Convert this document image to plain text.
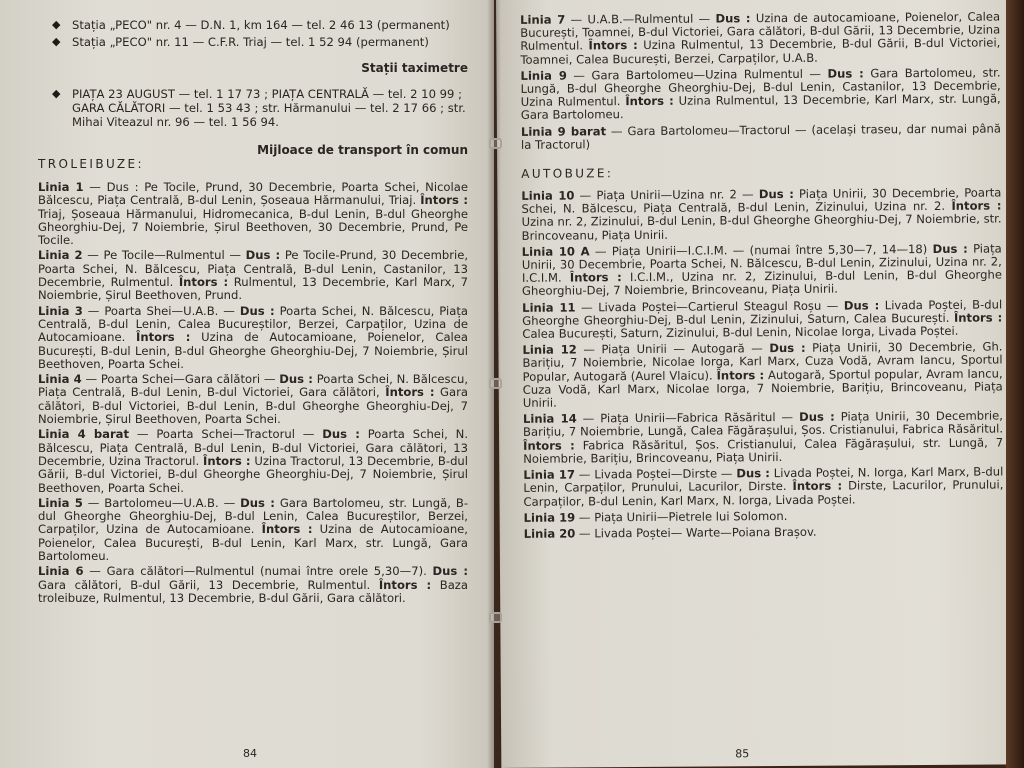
◆ Stația „PECO" nr. 4 — D.N. 1, km 164 — tel. 2 46 13 (permanent)

◆ Stația „PECO" nr. 11 — C.F.R. Triaj — tel. 1 52 94 (permanent)

Stații taximetre

◆ PIAȚA 23 AUGUST — tel. 1 17 73 ; PIAȚA CENTRALĂ — tel. 2 10 99 ; GARA CĂLĂTORI — tel. 1 53 43 ; str. Hărmanului — tel. 2 17 66 ; str. Mihai Viteazul nr. 96 — tel. 1 56 94.

Mijloace de transport în comun

TROLEIBUZE:

Linia 1 — Dus : Pe Tocile, Prund, 30 Decembrie, Poarta Schei, Nicolae Bălcescu, Piața Centrală, B-dul Lenin, Șoseaua Hărmanului, Triaj. Întors : Triaj, Șoseaua Hărmanului, Hidromecanica, B-dul Lenin, B-dul Gheorghe Gheorghiu-Dej, 7 Noiembrie, Șirul Beethoven, 30 Decembrie, Prund, Pe Tocile.

Linia 2 — Pe Tocile—Rulmentul — Dus : Pe Tocile-Prund, 30 Decembrie, Poarta Schei, N. Bălcescu, Piața Centrală, B-dul Lenin, Castanilor, 13 Decembrie, Rulmentul. Întors : Rulmentul, 13 Decembrie, Karl Marx, 7 Noiembrie, Șirul Beethoven, Prund.

Linia 3 — Poarta Shei—U.A.B. — Dus : Poarta Schei, N. Bălcescu, Piața Centrală, B-dul Lenin, Calea Bucureștilor, Berzei, Carpaților, Uzina de Autocamioane. Întors : Uzina de Autocamioane, Poienelor, Calea București, B-dul Lenin, B-dul Gheorghe Gheorghiu-Dej, 7 Noiembrie, Șirul Beethoven, Poarta Schei.

Linia 4 — Poarta Schei—Gara călători — Dus : Poarta Schei, N. Bălcescu, Piața Centrală, B-dul Lenin, B-dul Victoriei, Gara călători, Întors : Gara călători, B-dul Victoriei, B-dul Lenin, B-dul Gheorghe Gheorghiu-Dej, 7 Noiembrie, Șirul Beethoven, Poarta Schei.

Linia 4 barat — Poarta Schei—Tractorul — Dus : Poarta Schei, N. Bălcescu, Piața Centrală, B-dul Lenin, B-dul Victoriei, Gara călători, 13 Decembrie, Uzina Tractorul. Întors : Uzina Tractorul, 13 Decembrie, B-dul Gării, B-dul Victoriei, B-dul Gheorghe Gheorghiu-Dej, 7 Noiembrie, Șirul Beethoven, Poarta Schei.

Linia 5 — Bartolomeu—U.A.B. — Dus : Gara Bartolomeu, str. Lungă, B-dul Gheorghe Gheorghiu-Dej, B-dul Lenin, Calea Bucureștilor, Berzei, Carpaților, Uzina de Autocamioane. Întors : Uzina de Autocamioane, Poienelor, Calea București, B-dul Lenin, Karl Marx, str. Lungă, Gara Bartolomeu.

Linia 6 — Gara călători—Rulmentul (numai între orele 5,30—7). Dus : Gara călători, B-dul Gării, 13 Decembrie, Rulmentul. Întors : Baza troleibuze, Rulmentul, 13 Decembrie, B-dul Gării, Gara călători.

84

Linia 7 — U.A.B.—Rulmentul — Dus : Uzina de autocamioane, Poienelor, Calea București, Toamnei, B-dul Victoriei, Gara călători, B-dul Gării, 13 Decembrie, Uzina Rulmentul. Întors : Uzina Rulmentul, 13 Decembrie, B-dul Gării, B-dul Victoriei, Toamnei, Calea București, Berzei, Carpaților, U.A.B.

Linia 9 — Gara Bartolomeu—Uzina Rulmentul — Dus : Gara Bartolomeu, str. Lungă, B-dul Gheorghe Gheorghiu-Dej, B-dul Lenin, Castanilor, 13 Decembrie, Uzina Rulmentul. Întors : Uzina Rulmentul, 13 Decembrie, Karl Marx, str. Lungă, Gara Bartolomeu.

Linia 9 barat — Gara Bartolomeu—Tractorul — (același traseu, dar numai până la Tractorul)

AUTOBUZE:

Linia 10 — Piața Unirii—Uzina nr. 2 — Dus : Piața Unirii, 30 Decembrie, Poarta Schei, N. Bălcescu, Piața Centrală, B-dul Lenin, Zizinului, Uzina nr. 2. Întors : Uzina nr. 2, Zizinului, B-dul Lenin, B-dul Gheorghe Gheorghiu-Dej, 7 Noiembrie, str. Brincoveanu, Piața Unirii.

Linia 10 A — Piața Unirii—I.C.I.M. — (numai între 5,30—7, 14—18) Dus : Piața Unirii, 30 Decembrie, Poarta Schei, N. Bălcescu, B-dul Lenin, Zizinului, Uzina nr. 2, I.C.I.M. Întors : I.C.I.M., Uzina nr. 2, Zizinului, B-dul Lenin, B-dul Gheorghe Gheorghiu-Dej, 7 Noiembrie, Brincoveanu, Piața Unirii.

Linia 11 — Livada Poștei—Cartierul Steagul Roșu — Dus : Livada Poștei, B-dul Gheorghe Gheorghiu-Dej, B-dul Lenin, Zizinului, Saturn, Calea București. Întors : Calea București, Saturn, Zizinului, B-dul Lenin, Nicolae Iorga, Livada Poștei.

Linia 12 — Piața Unirii — Autogară — Dus : Piața Unirii, 30 Decembrie, Gh. Barițiu, 7 Noiembrie, Nicolae Iorga, Karl Marx, Cuza Vodă, Avram Iancu, Sportul Popular, Autogară (Aurel Vlaicu). Întors : Autogară, Sportul popular, Avram Iancu, Cuza Vodă, Karl Marx, Nicolae Iorga, 7 Noiembrie, Barițiu, Brincoveanu, Piața Unirii.

Linia 14 — Piața Unirii—Fabrica Răsăritul — Dus : Piața Unirii, 30 Decembrie, Barițiu, 7 Noiembrie, Lungă, Calea Făgărașului, Șos. Cristianului, Fabrica Răsăritul. Întors : Fabrica Răsăritul, Șos. Cristianului, Calea Făgărașului, str. Lungă, 7 Noiembrie, Barițiu, Brincoveanu, Piața Unirii.

Linia 17 — Livada Poștei—Dirste — Dus : Livada Poștei, N. Iorga, Karl Marx, B-dul Lenin, Carpaților, Prunului, Lacurilor, Dirste. Întors : Dirste, Lacurilor, Prunului, Carpaților, B-dul Lenin, Karl Marx, N. Iorga, Livada Poștei.

Linia 19 — Piața Unirii—Pietrele lui Solomon.

Linia 20 — Livada Poștei— Warte—Poiana Brașov.

85
